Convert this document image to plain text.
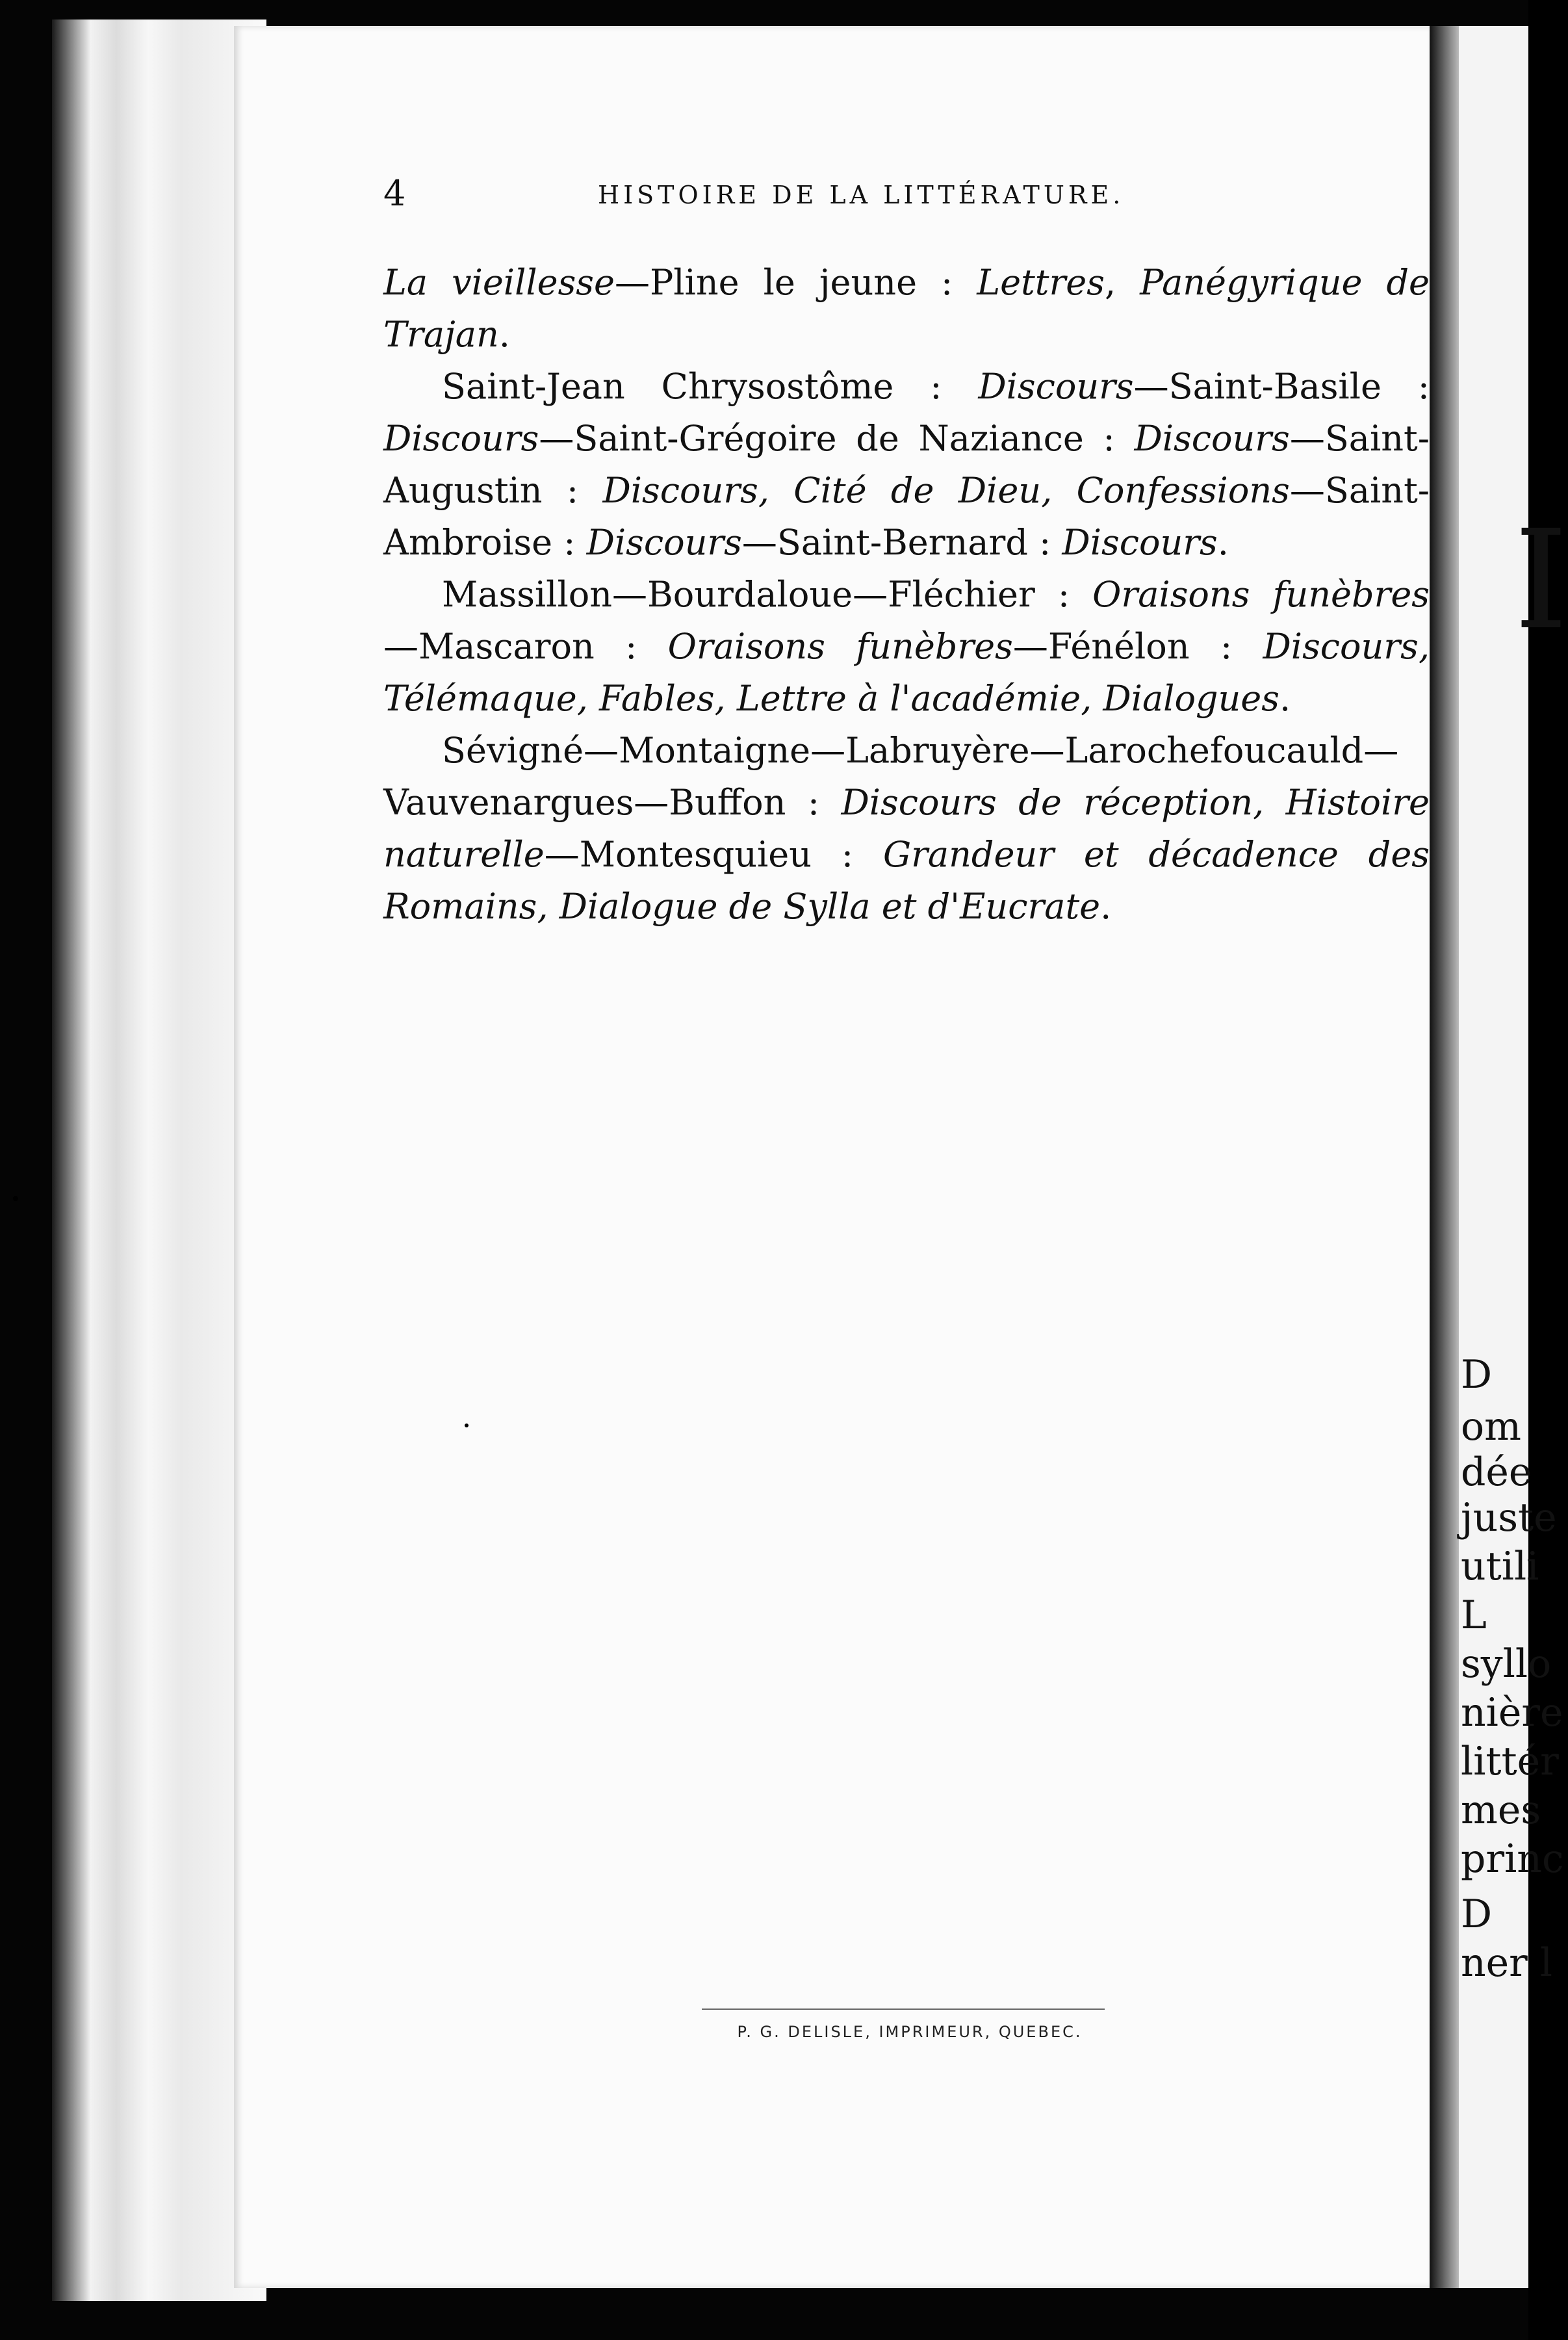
4	HISTOIRE DE LA LITTÉRATURE.

La vieillesse—Pline le jeune : Lettres, Panégyrique de Trajan.

Saint-Jean Chrysostôme : Discours—Saint-Basile : Discours—Saint-Grégoire de Naziance : Discours—Saint-Augustin : Discours, Cité de Dieu, Confessions—Saint-Ambroise : Discours—Saint-Bernard : Discours.

Massillon—Bourdaloue—Fléchier : Oraisons funèbres—Mascaron : Oraisons funèbres—Fénélon : Discours, Télémaque, Fables, Lettre à l'académie, Dialogues.

Sévigné—Montaigne—Labruyère—Larochefoucauld—Vauvenargues—Buffon : Discours de réception, Histoire naturelle—Montesquieu : Grandeur et décadence des Romains, Dialogue de Sylla et d'Eucrate.

P. G. DELISLE, IMPRIMEUR, QUEBEC.
I
D
om
dée
juste
utili
L
syllo
nière
littér
mes
princ
D
ner l
